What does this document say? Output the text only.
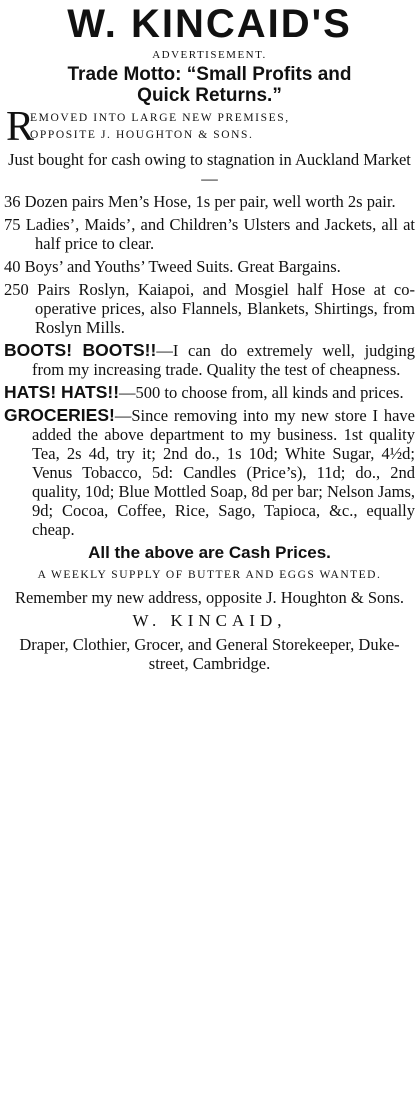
W. KINCAID'S
ADVERTISEMENT.
Trade Motto: “Small Profits and
Quick Returns.”
R
EMOVED INTO LARGE NEW PREMISES,
OPPOSITE J. HOUGHTON & SONS.

Just bought for cash owing to stagnation in Auckland Market —

36 Dozen pairs Men’s Hose, 1s per pair, well worth 2s pair.

75 Ladies’, Maids’, and Children’s Ulsters and Jackets, all at half price to clear.

40 Boys’ and Youths’ Tweed Suits. Great Bargains.

250 Pairs Roslyn, Kaiapoi, and Mosgiel half Hose at co-operative prices, also Flannels, Blankets, Shirtings, from Roslyn Mills.

BOOTS! BOOTS!!—I can do extremely well, judging from my increasing trade. Quality the test of cheapness.

HATS! HATS!!—500 to choose from, all kinds and prices.

GROCERIES!—Since removing into my new store I have added the above department to my business. 1st quality Tea, 2s 4d, try it; 2nd do., 1s 10d; White Sugar, 4½d; Venus Tobacco, 5d: Candles (Price’s), 11d; do., 2nd quality, 10d; Blue Mottled Soap, 8d per bar; Nelson Jams, 9d; Cocoa, Coffee, Rice, Sago, Tapioca, &c., equally cheap.

All the above are Cash Prices.
A WEEKLY SUPPLY OF BUTTER AND EGGS WANTED.

Remember my new address, opposite J. Houghton & Sons.

W. KINCAID,

Draper, Clothier, Grocer, and General Storekeeper, Duke-street, Cambridge.
